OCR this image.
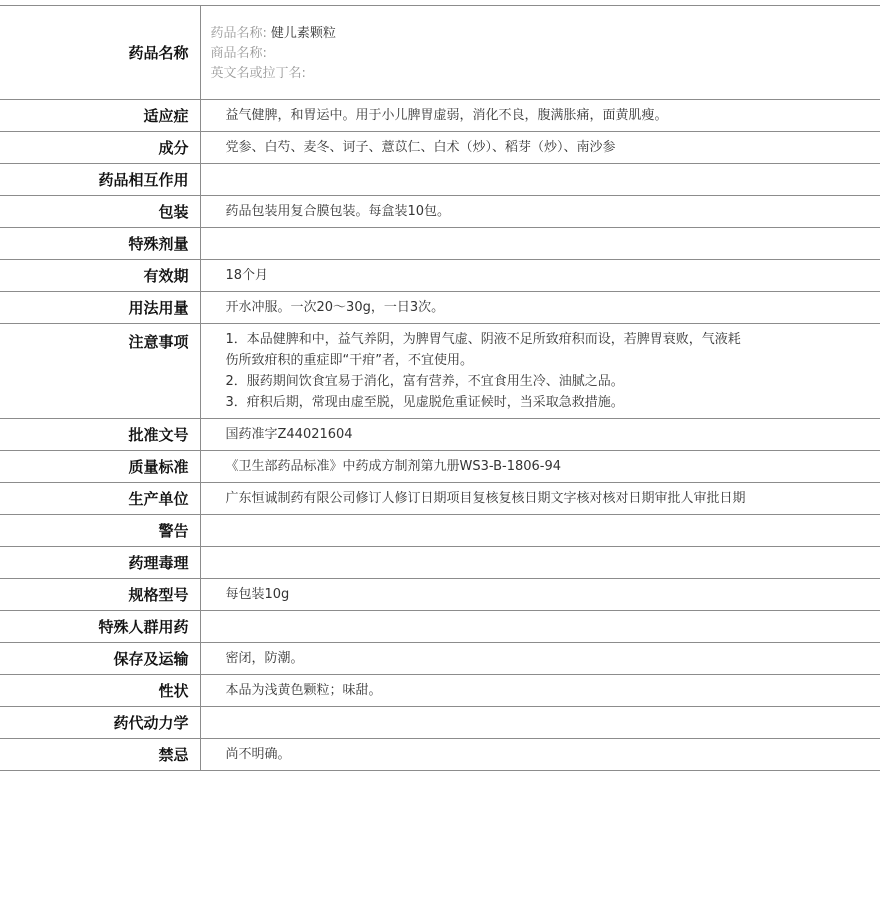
药品名称	药品名称: 健儿素颗粒
商品名称:
英文名或拉丁名:

适应症	益气健脾，和胃运中。用于小儿脾胃虚弱，消化不良，腹满胀痛，面黄肌瘦。
成分	党参、白芍、麦冬、诃子、薏苡仁、白术（炒）、稻芽（炒）、南沙参
药品相互作用	
包装	药品包装用复合膜包装。每盒装10包。
特殊剂量	
有效期	18个月
用法用量	开水冲服。一次20～30g，一日3次。
注意事项	1．本品健脾和中，益气养阴，为脾胃气虚、阴液不足所致疳积而设，若脾胃衰败，气液耗
伤所致疳积的重症即“干疳”者，不宜使用。
2．服药期间饮食宜易于消化，富有营养，不宜食用生冷、油腻之品。
3．疳积后期，常现由虚至脱，见虚脱危重证候时，当采取急救措施。

批准文号	国药准字Z44021604
质量标准	《卫生部药品标准》中药成方制剂第九册WS3-B-1806-94
生产单位	广东恒诚制药有限公司修订人修订日期项目复核复核日期文字核对核对日期审批人审批日期
警告	
药理毒理	
规格型号	每包装10g
特殊人群用药	
保存及运输	密闭，防潮。
性状	本品为浅黄色颗粒；味甜。
药代动力学	
禁忌	尚不明确。
